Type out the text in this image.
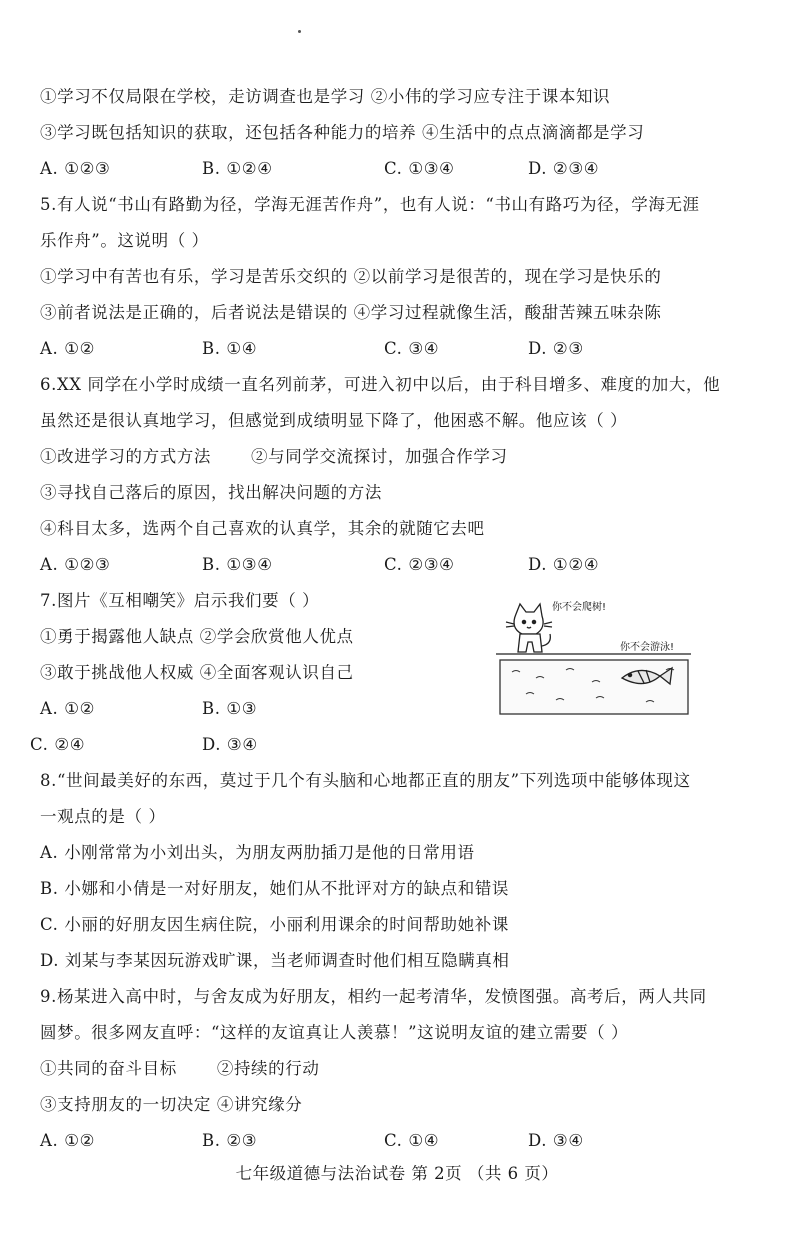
①学习不仅局限在学校，走访调查也是学习 ②小伟的学习应专注于课本知识
③学习既包括知识的获取，还包括各种能力的培养 ④生活中的点点滴滴都是学习
A. ①②③	B. ①②④	C. ①③④	D. ②③④
5.有人说“书山有路勤为径，学海无涯苦作舟”，也有人说：“书山有路巧为径，学海无涯
乐作舟”。这说明（ ）
①学习中有苦也有乐，学习是苦乐交织的 ②以前学习是很苦的，现在学习是快乐的
③前者说法是正确的，后者说法是错误的 ④学习过程就像生活，酸甜苦辣五味杂陈
A. ①②	B. ①④	C. ③④	D. ②③
6.XX 同学在小学时成绩一直名列前茅，可进入初中以后，由于科目增多、难度的加大，他
虽然还是很认真地学习，但感觉到成绩明显下降了，他困惑不解。他应该（ ）
①改进学习的方式方法 　　②与同学交流探讨，加强合作学习
③寻找自己落后的原因，找出解决问题的方法
④科目太多，选两个自己喜欢的认真学，其余的就随它去吧
A. ①②③	B. ①③④	C. ②③④	D. ①②④
7.图片《互相嘲笑》启示我们要（ ）
①勇于揭露他人缺点 ②学会欣赏他人优点
③敢于挑战他人权威 ④全面客观认识自己
A. ①②	B. ①③
C. ②④	D. ③④
你不会爬树!
你不会游泳!
8.“世间最美好的东西，莫过于几个有头脑和心地都正直的朋友”下列选项中能够体现这
一观点的是（ ）
A. 小刚常常为小刘出头，为朋友两肋插刀是他的日常用语
B. 小娜和小倩是一对好朋友，她们从不批评对方的缺点和错误
C. 小丽的好朋友因生病住院，小丽利用课余的时间帮助她补课
D. 刘某与李某因玩游戏旷课，当老师调查时他们相互隐瞒真相
9.杨某进入高中时，与舍友成为好朋友，相约一起考清华，发愤图强。高考后，两人共同
圆梦。很多网友直呼：“这样的友谊真让人羡慕！”这说明友谊的建立需要（ ）
①共同的奋斗目标 　　②持续的行动
③支持朋友的一切决定 ④讲究缘分
A. ①②	B. ②③	C. ①④	D. ③④
七年级道德与法治试卷 第 2页 （共 6 页）
